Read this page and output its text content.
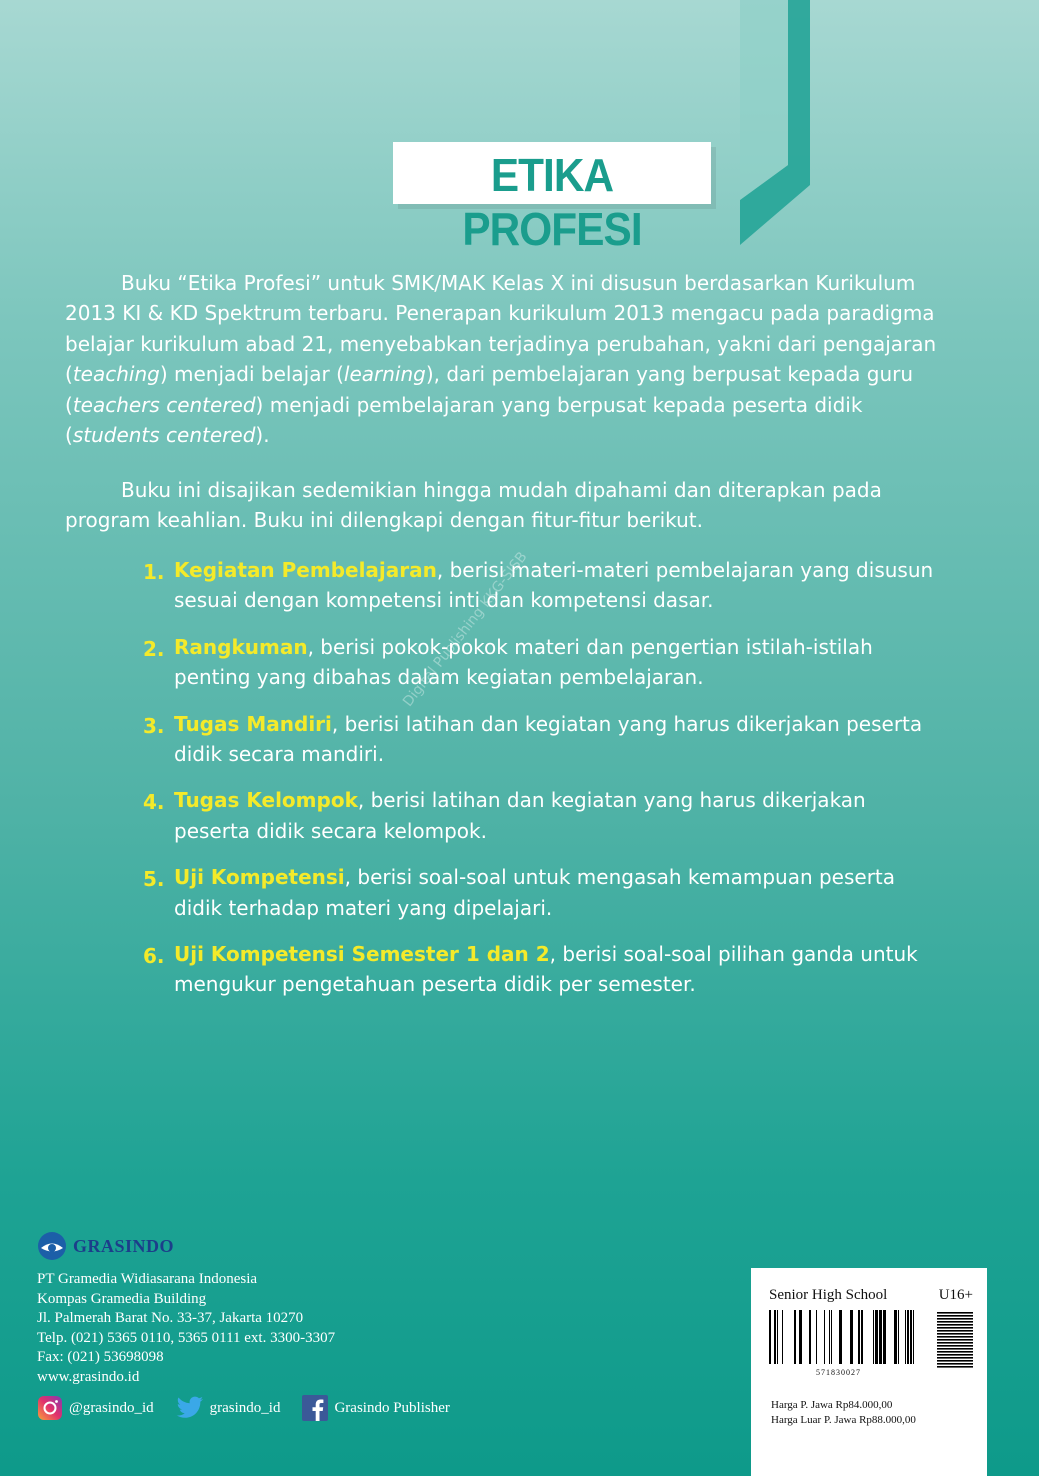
ETIKA PROFESI

Buku “Etika Profesi” untuk SMK/MAK Kelas X ini disusun berdasarkan Kurikulum 2013 KI & KD Spektrum terbaru. Penerapan kurikulum 2013 mengacu pada paradigma belajar kurikulum abad 21, menyebabkan terjadinya perubahan, yakni dari pengajaran (teaching) menjadi belajar (learning), dari pembelajaran yang berpusat kepada guru (teachers centered) menjadi pembelajaran yang berpusat kepada peserta didik (students centered).

Buku ini disajikan sedemikian hingga mudah dipahami dan diterapkan pada program keahlian. Buku ini dilengkapi dengan fitur-fitur berikut.

1. Kegiatan Pembelajaran, berisi materi-materi pembelajaran yang disusun sesuai dengan kompetensi inti dan kompetensi dasar.
2. Rangkuman, berisi pokok-pokok materi dan pengertian istilah-istilah penting yang dibahas dalam kegiatan pembelajaran.
3. Tugas Mandiri, berisi latihan dan kegiatan yang harus dikerjakan peserta didik secara mandiri.
4. Tugas Kelompok, berisi latihan dan kegiatan yang harus dikerjakan peserta didik secara kelompok.
5. Uji Kompetensi, berisi soal-soal untuk mengasah kemampuan peserta didik terhadap materi yang dipelajari.
6. Uji Kompetensi Semester 1 dan 2, berisi soal-soal pilihan ganda untuk mengukur pengetahuan peserta didik per semester.
Digital Publishing KKG-SISB
GRASINDO
PT Gramedia Widiasarana Indonesia
Kompas Gramedia Building
Jl. Palmerah Barat No. 33-37, Jakarta 10270
Telp. (021) 5365 0110, 5365 0111 ext. 3300-3307
Fax: (021) 53698098
www.grasindo.id
@grasindo_id	grasindo_id	Grasindo Publisher
Senior High School	U16+
571830027
Harga P. Jawa Rp84.000,00
Harga Luar P. Jawa Rp88.000,00
